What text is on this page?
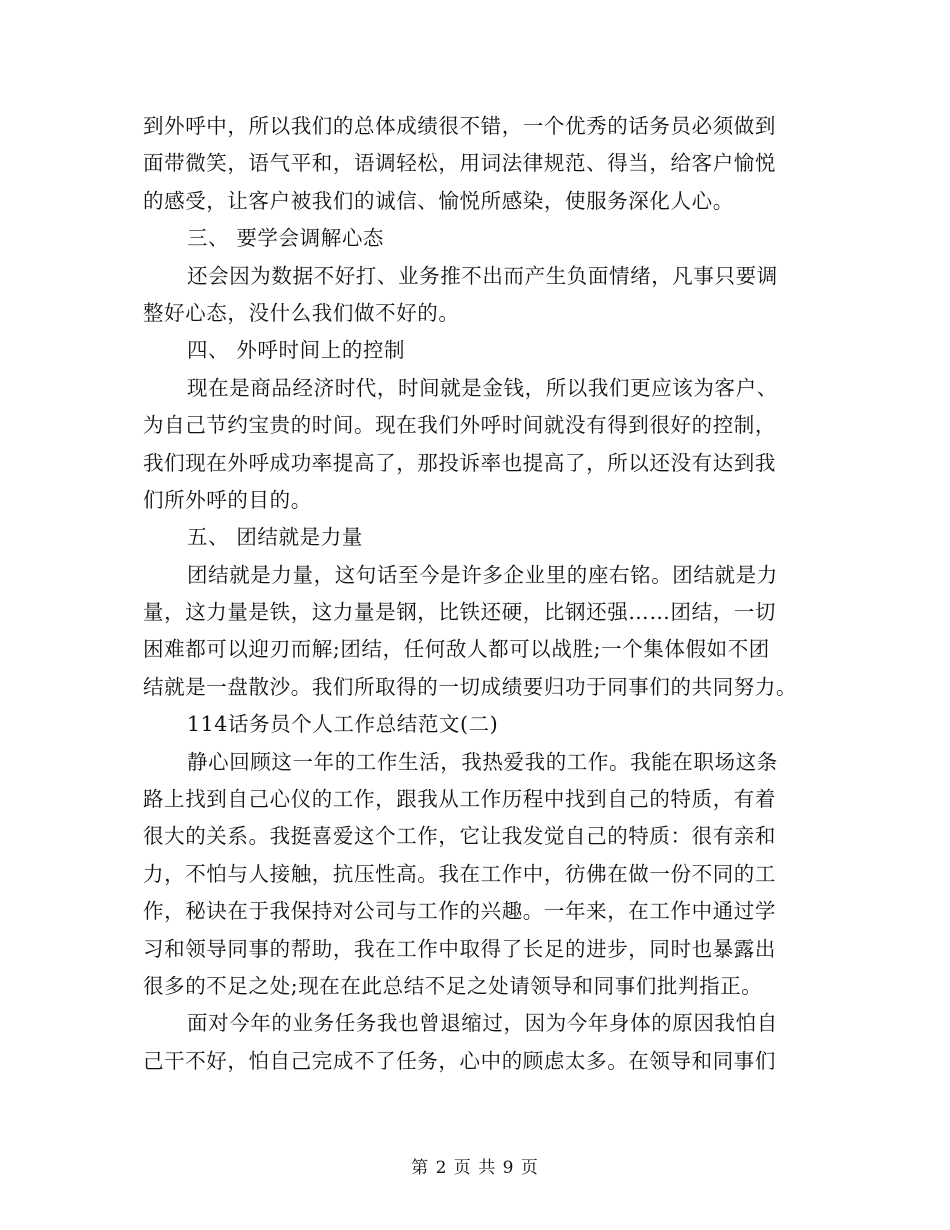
到外呼中，所以我们的总体成绩很不错，一个优秀的话务员必须做到
面带微笑，语气平和，语调轻松，用词法律规范、得当，给客户愉悦
的感受，让客户被我们的诚信、愉悦所感染，使服务深化人心。
三、 要学会调解心态
还会因为数据不好打、业务推不出而产生负面情绪，凡事只要调
整好心态，没什么我们做不好的。
四、 外呼时间上的控制
现在是商品经济时代，时间就是金钱，所以我们更应该为客户、
为自己节约宝贵的时间。现在我们外呼时间就没有得到很好的控制，
我们现在外呼成功率提高了，那投诉率也提高了，所以还没有达到我
们所外呼的目的。
五、 团结就是力量
团结就是力量，这句话至今是许多企业里的座右铭。团结就是力
量，这力量是铁，这力量是钢，比铁还硬，比钢还强……团结，一切
困难都可以迎刃而解;团结，任何敌人都可以战胜;一个集体假如不团
结就是一盘散沙。我们所取得的一切成绩要归功于同事们的共同努力。
114话务员个人工作总结范文(二)
静心回顾这一年的工作生活，我热爱我的工作。我能在职场这条
路上找到自己心仪的工作，跟我从工作历程中找到自己的特质，有着
很大的关系。我挺喜爱这个工作，它让我发觉自己的特质：很有亲和
力，不怕与人接触，抗压性高。我在工作中，彷佛在做一份不同的工
作，秘诀在于我保持对公司与工作的兴趣。一年来，在工作中通过学
习和领导同事的帮助，我在工作中取得了长足的进步，同时也暴露出
很多的不足之处;现在在此总结不足之处请领导和同事们批判指正。
面对今年的业务任务我也曾退缩过，因为今年身体的原因我怕自
己干不好，怕自己完成不了任务，心中的顾虑太多。在领导和同事们
第 2 页 共 9 页
